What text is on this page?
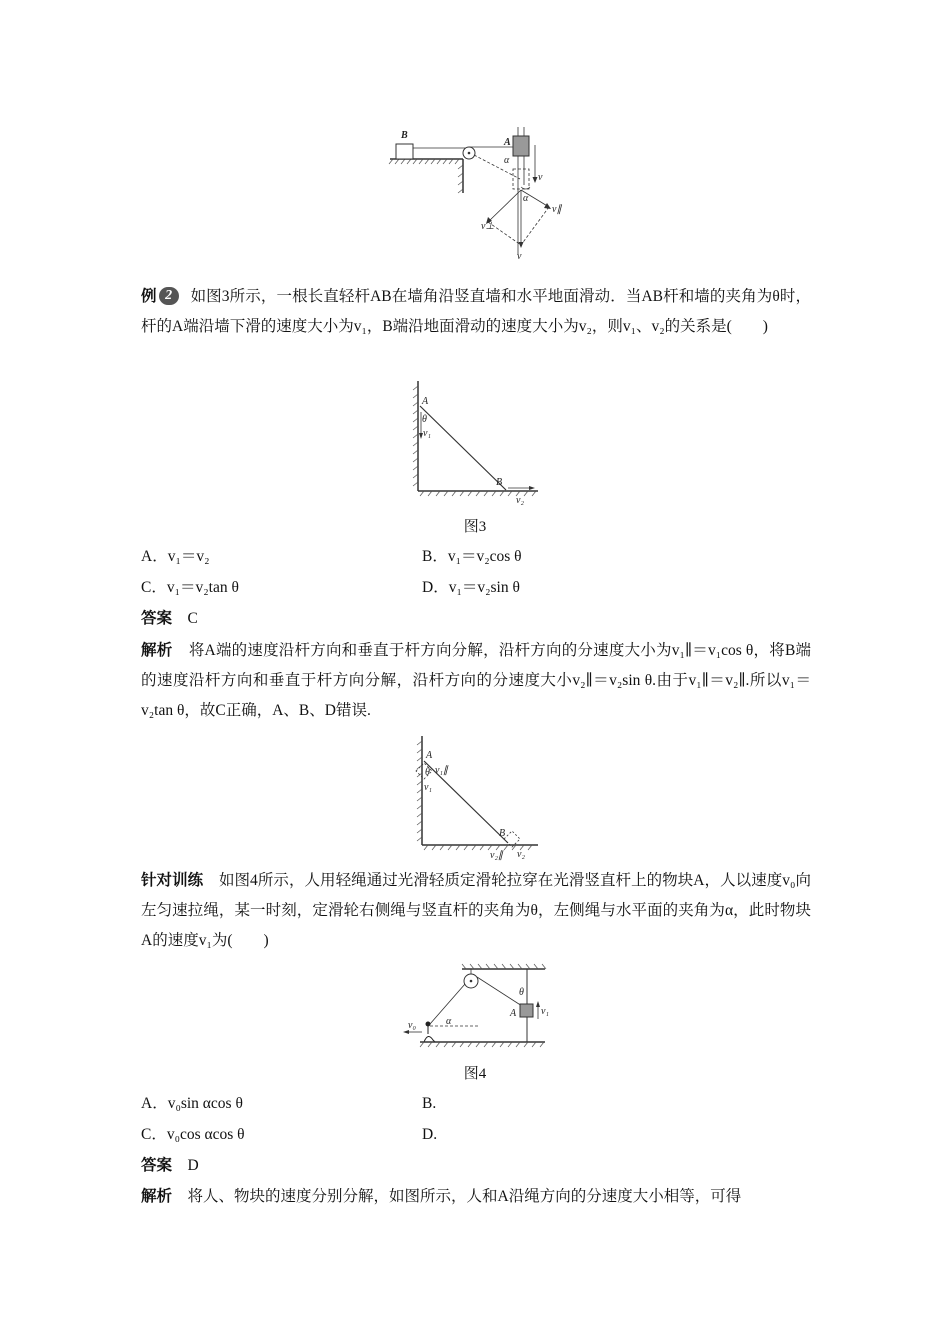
B
A
α
α
v
v∥
v⊥
v
例 2 如图3所示，一根长直轻杆AB在墙角沿竖直墙和水平地面滑动．当AB杆和墙的夹角为θ时，杆的A端沿墙下滑的速度大小为v₁，B端沿地面滑动的速度大小为v₂，则v₁、v₂的关系是(　　)
A
θ
v₁
B
v₂
图3
A．v₁＝v₂	B．v₁＝v₂cos θ
C．v₁＝v₂tan θ	D．v₁＝v₂sin θ
答案 C
解析 将A端的速度沿杆方向和垂直于杆方向分解，沿杆方向的分速度大小为v₁∥＝v₁cos θ，将B端的速度沿杆方向和垂直于杆方向分解，沿杆方向的分速度大小v₂∥＝v₂sin θ.由于v₁∥＝v₂∥.所以v₁＝v₂tan θ，故C正确，A、B、D错误.
A
θ v₁∥
v₁
B
v₂∥ v₂
针对训练 如图4所示，人用轻绳通过光滑轻质定滑轮拉穿在光滑竖直杆上的物块A，人以速度v₀向左匀速拉绳，某一时刻，定滑轮右侧绳与竖直杆的夹角为θ，左侧绳与水平面的夹角为α，此时物块A的速度v₁为(　　)
A
θ
v₁
α
v₀
图4
A．v₀sin αcos θ	B.
C．v₀cos αcos θ	D.
答案 D
解析 将人、物块的速度分别分解，如图所示，人和A沿绳方向的分速度大小相等，可得
